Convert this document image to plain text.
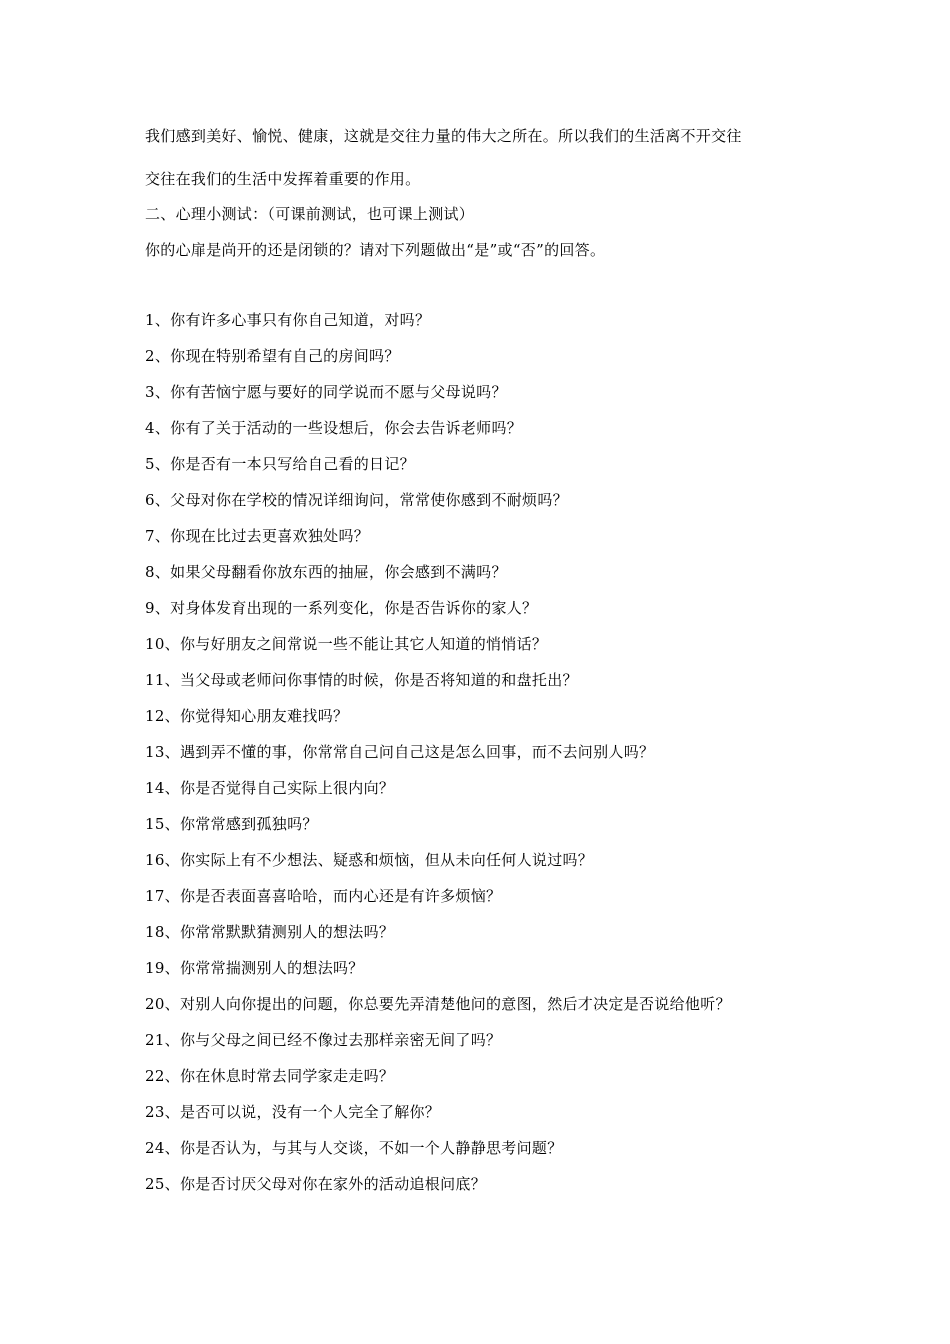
我们感到美好、愉悦、健康，这就是交往力量的伟大之所在。所以我们的生活离不开交往
交往在我们的生活中发挥着重要的作用。
二、心理小测试：（可课前测试，也可课上测试）
你的心扉是尚开的还是闭锁的？请对下列题做出“是”或“否”的回答。
1、你有许多心事只有你自己知道，对吗？
2、你现在特别希望有自己的房间吗？
3、你有苦恼宁愿与要好的同学说而不愿与父母说吗？
4、你有了关于活动的一些设想后，你会去告诉老师吗？
5、你是否有一本只写给自己看的日记？
6、父母对你在学校的情况详细询问，常常使你感到不耐烦吗？
7、你现在比过去更喜欢独处吗？
8、如果父母翻看你放东西的抽屉，你会感到不满吗？
9、对身体发育出现的一系列变化，你是否告诉你的家人？
10、你与好朋友之间常说一些不能让其它人知道的悄悄话？
11、当父母或老师问你事情的时候，你是否将知道的和盘托出？
12、你觉得知心朋友难找吗？
13、遇到弄不懂的事，你常常自己问自己这是怎么回事，而不去问别人吗？
14、你是否觉得自己实际上很内向？
15、你常常感到孤独吗？
16、你实际上有不少想法、疑惑和烦恼，但从未向任何人说过吗？
17、你是否表面喜喜哈哈，而内心还是有许多烦恼？
18、你常常默默猜测别人的想法吗？
19、你常常揣测别人的想法吗？
20、对别人向你提出的问题，你总要先弄清楚他问的意图，然后才决定是否说给他听？
21、你与父母之间已经不像过去那样亲密无间了吗？
22、你在休息时常去同学家走走吗？
23、是否可以说，没有一个人完全了解你？
24、你是否认为，与其与人交谈，不如一个人静静思考问题？
25、你是否讨厌父母对你在家外的活动追根问底？
